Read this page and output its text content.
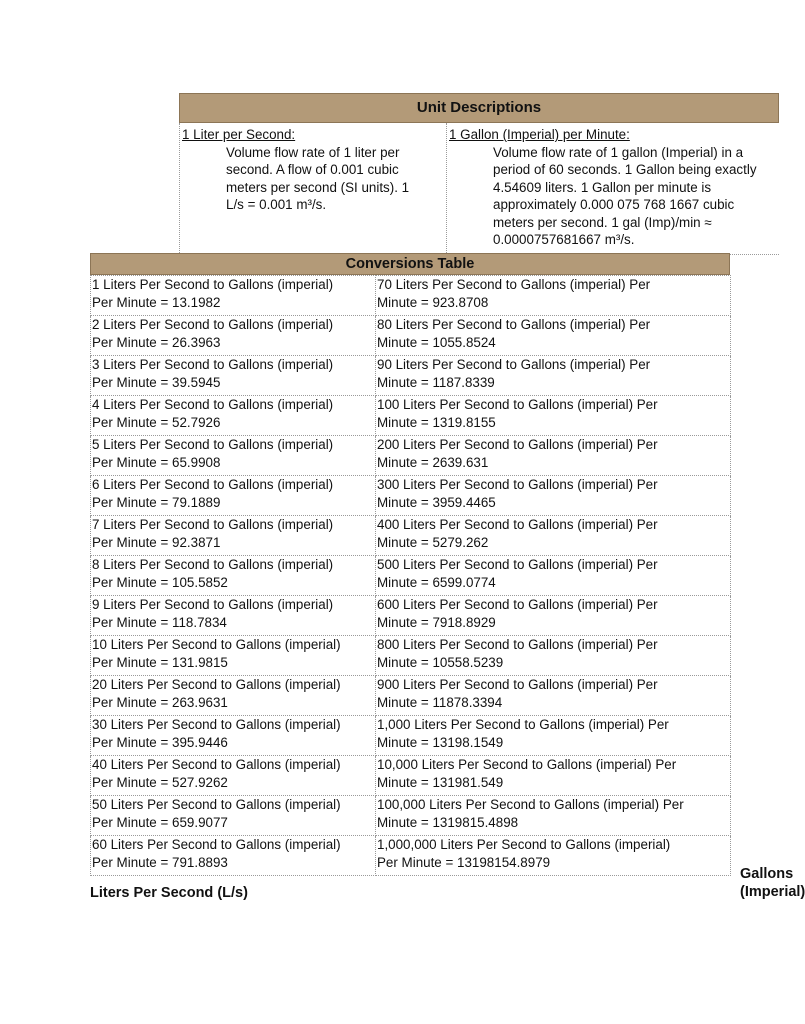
Unit Descriptions
1 Liter per Second:
Volume flow rate of 1 liter per
second. A flow of 0.001 cubic
meters per second (SI units). 1
L/s = 0.001 m³/s.
1 Gallon (Imperial) per Minute:
Volume flow rate of 1 gallon (Imperial) in a
period of 60 seconds. 1 Gallon being exactly
4.54609 liters. 1 Gallon per minute is
approximately 0.000 075 768 1667 cubic
meters per second. 1 gal (Imp)/min ≈
0.0000757681667 m³/s.
Conversions Table
1 Liters Per Second to Gallons (imperial)
Per Minute = 13.1982	70 Liters Per Second to Gallons (imperial) Per
Minute = 923.8708
2 Liters Per Second to Gallons (imperial)
Per Minute = 26.3963	80 Liters Per Second to Gallons (imperial) Per
Minute = 1055.8524
3 Liters Per Second to Gallons (imperial)
Per Minute = 39.5945	90 Liters Per Second to Gallons (imperial) Per
Minute = 1187.8339
4 Liters Per Second to Gallons (imperial)
Per Minute = 52.7926	100 Liters Per Second to Gallons (imperial) Per
Minute = 1319.8155
5 Liters Per Second to Gallons (imperial)
Per Minute = 65.9908	200 Liters Per Second to Gallons (imperial) Per
Minute = 2639.631
6 Liters Per Second to Gallons (imperial)
Per Minute = 79.1889	300 Liters Per Second to Gallons (imperial) Per
Minute = 3959.4465
7 Liters Per Second to Gallons (imperial)
Per Minute = 92.3871	400 Liters Per Second to Gallons (imperial) Per
Minute = 5279.262
8 Liters Per Second to Gallons (imperial)
Per Minute = 105.5852	500 Liters Per Second to Gallons (imperial) Per
Minute = 6599.0774
9 Liters Per Second to Gallons (imperial)
Per Minute = 118.7834	600 Liters Per Second to Gallons (imperial) Per
Minute = 7918.8929
10 Liters Per Second to Gallons (imperial)
Per Minute = 131.9815	800 Liters Per Second to Gallons (imperial) Per
Minute = 10558.5239
20 Liters Per Second to Gallons (imperial)
Per Minute = 263.9631	900 Liters Per Second to Gallons (imperial) Per
Minute = 11878.3394
30 Liters Per Second to Gallons (imperial)
Per Minute = 395.9446	1,000 Liters Per Second to Gallons (imperial) Per
Minute = 13198.1549
40 Liters Per Second to Gallons (imperial)
Per Minute = 527.9262	10,000 Liters Per Second to Gallons (imperial) Per
Minute = 131981.549
50 Liters Per Second to Gallons (imperial)
Per Minute = 659.9077	100,000 Liters Per Second to Gallons (imperial) Per
Minute = 1319815.4898
60 Liters Per Second to Gallons (imperial)
Per Minute = 791.8893	1,000,000 Liters Per Second to Gallons (imperial)
Per Minute = 13198154.8979
Liters Per Second (L/s)
Gallons
(Imperial)
